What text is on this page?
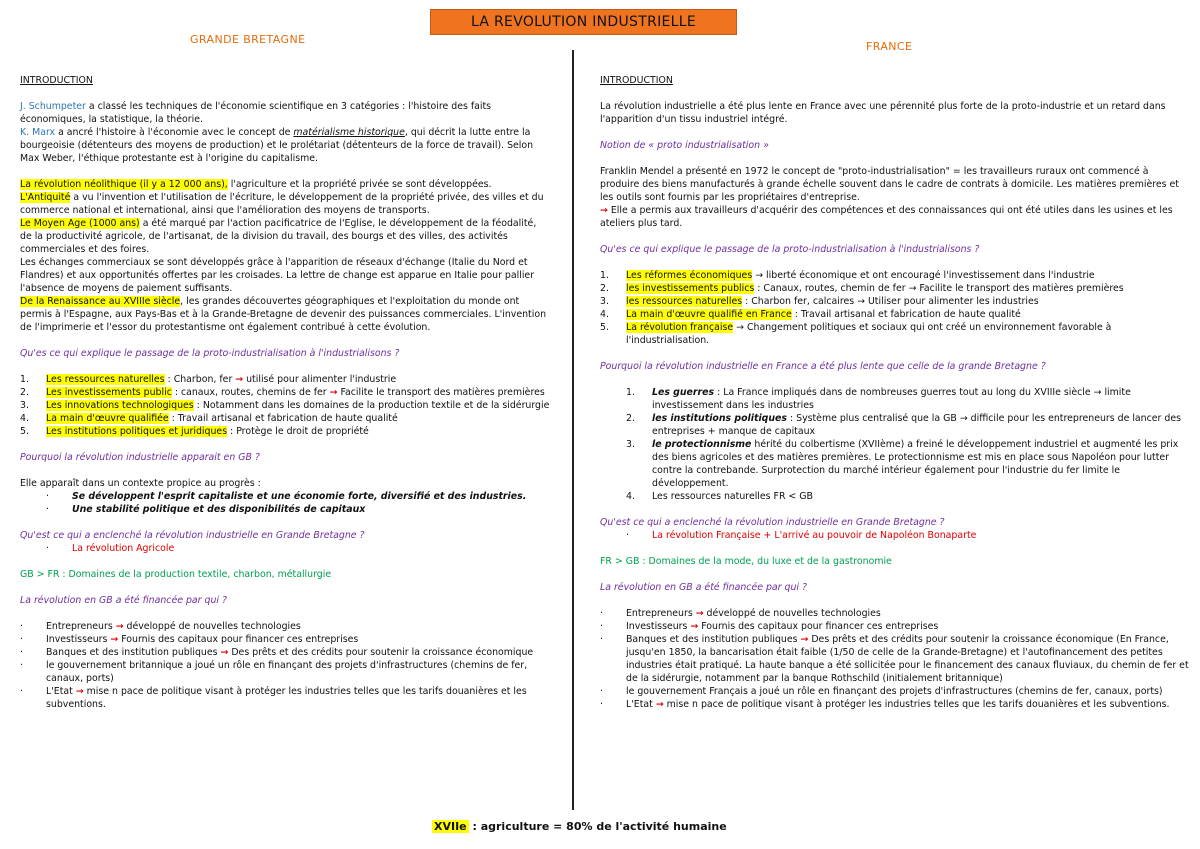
LA REVOLUTION INDUSTRIELLE
GRANDE BRETAGNE
FRANCE

INTRODUCTION

J. Schumpeter a classé les techniques de l'économie scientifique en 3 catégories : l'histoire des faits économiques, la statistique, la théorie.

K. Marx a ancré l'histoire à l'économie avec le concept de matérialisme historique, qui décrit la lutte entre la bourgeoisie (détenteurs des moyens de production) et le prolétariat (détenteurs de la force de travail). Selon Max Weber, l'éthique protestante est à l'origine du capitalisme.

La révolution néolithique (il y a 12 000 ans), l'agriculture et la propriété privée se sont développées.

L'Antiquité a vu l'invention et l'utilisation de l'écriture, le développement de la propriété privée, des villes et du commerce national et international, ainsi que l'amélioration des moyens de transports.

Le Moyen Age (1000 ans) a été marqué par l'action pacificatrice de l'Eglise, le développement de la féodalité, de la productivité agricole, de l'artisanat, de la division du travail, des bourgs et des villes, des activités commerciales et des foires.

Les échanges commerciaux se sont développés grâce à l'apparition de réseaux d'échange (Italie du Nord et Flandres) et aux opportunités offertes par les croisades. La lettre de change est apparue en Italie pour pallier l'absence de moyens de paiement suffisants.

De la Renaissance au XVIIIe siècle, les grandes découvertes géographiques et l'exploitation du monde ont permis à l'Espagne, aux Pays-Bas et à la Grande-Bretagne de devenir des puissances commerciales. L'invention de l'imprimerie et l'essor du protestantisme ont également contribué à cette évolution.

Qu'es ce qui explique le passage de la proto-industrialisation à l'industrialisons ?

1.	Les ressources naturelles : Charbon, fer → utilisé pour alimenter l'industrie
2.	Les investissements public : canaux, routes, chemins de fer → Facilite le transport des matières premières
3.	Les innovations technologiques : Notamment dans les domaines de la production textile et de la sidérurgie
4.	La main d'œuvre qualifiée : Travail artisanal et fabrication de haute qualité
5.	Les institutions politiques et juridiques : Protège le droit de propriété

Pourquoi la révolution industrielle apparait en GB ?

Elle apparaît dans un contexte propice au progrès :

·	Se développent l'esprit capitaliste et une économie forte, diversifié et des industries.
·	Une stabilité politique et des disponibilités de capitaux

Qu'est ce qui a enclenché la révolution industrielle en Grande Bretagne ?

·	La révolution Agricole

GB > FR : Domaines de la production textile, charbon, métallurgie

La révolution en GB a été financée par qui ?

·	Entrepreneurs → développé de nouvelles technologies
·	Investisseurs → Fournis des capitaux pour financer ces entreprises
·	Banques et des institution publiques → Des prêts et des crédits pour soutenir la croissance économique
·	le gouvernement britannique a joué un rôle en finançant des projets d'infrastructures (chemins de fer, canaux, ports)
·	L'Etat → mise n pace de politique visant à protéger les industries telles que les tarifs douanières et les subventions.

INTRODUCTION

La révolution industrielle a été plus lente en France avec une pérennité plus forte de la proto-industrie et un retard dans l'apparition d'un tissu industriel intégré.

Notion de « proto industrialisation »

Franklin Mendel a présenté en 1972 le concept de "proto-industrialisation" = les travailleurs ruraux ont commencé à produire des biens manufacturés à grande échelle souvent dans le cadre de contrats à domicile. Les matières premières et les outils sont fournis par les propriétaires d'entreprise.

→ Elle a permis aux travailleurs d'acquérir des compétences et des connaissances qui ont été utiles dans les usines et les ateliers plus tard.

Qu'es ce qui explique le passage de la proto-industrialisation à l'industrialisons ?

1.	Les réformes économiques → liberté économique et ont encouragé l'investissement dans l'industrie
2.	les investissements publics : Canaux, routes, chemin de fer → Facilite le transport des matières premières
3.	les ressources naturelles : Charbon fer, calcaires → Utiliser pour alimenter les industries
4.	La main d'œuvre qualifié en France : Travail artisanal et fabrication de haute qualité
5.	La révolution française → Changement politiques et sociaux qui ont créé un environnement favorable à l'industrialisation.

Pourquoi la révolution industrielle en France a été plus lente que celle de la grande Bretagne ?

1.	Les guerres : La France impliqués dans de nombreuses guerres tout au long du XVIIIe siècle → limite investissement dans les industries
2.	les institutions politiques : Système plus centralisé que la GB → difficile pour les entrepreneurs de lancer des entreprises + manque de capitaux
3.	le protectionnisme hérité du colbertisme (XVIIème) a freiné le développement industriel et augmenté les prix des biens agricoles et des matières premières. Le protectionnisme est mis en place sous Napoléon pour lutter contre la contrebande. Surprotection du marché intérieur également pour l'industrie du fer limite le développement.
4.	Les ressources naturelles FR < GB

Qu'est ce qui a enclenché la révolution industrielle en Grande Bretagne ?

·	La révolution Française + L'arrivé au pouvoir de Napoléon Bonaparte

FR > GB : Domaines de la mode, du luxe et de la gastronomie

La révolution en GB a été financée par qui ?

·	Entrepreneurs → développé de nouvelles technologies
·	Investisseurs → Fournis des capitaux pour financer ces entreprises
·	Banques et des institution publiques → Des prêts et des crédits pour soutenir la croissance économique (En France, jusqu'en 1850, la bancarisation était faible (1/50 de celle de la Grande-Bretagne) et l'autofinancement des petites industries était pratiqué. La haute banque a été sollicitée pour le financement des canaux fluviaux, du chemin de fer et de la sidérurgie, notamment par la banque Rothschild (initialement britannique)
·	le gouvernement Français a joué un rôle en finançant des projets d'infrastructures (chemins de fer, canaux, ports)
·	L'Etat → mise n pace de politique visant à protéger les industries telles que les tarifs douanières et les subventions.
XVIIe : agriculture = 80% de l'activité humaine
